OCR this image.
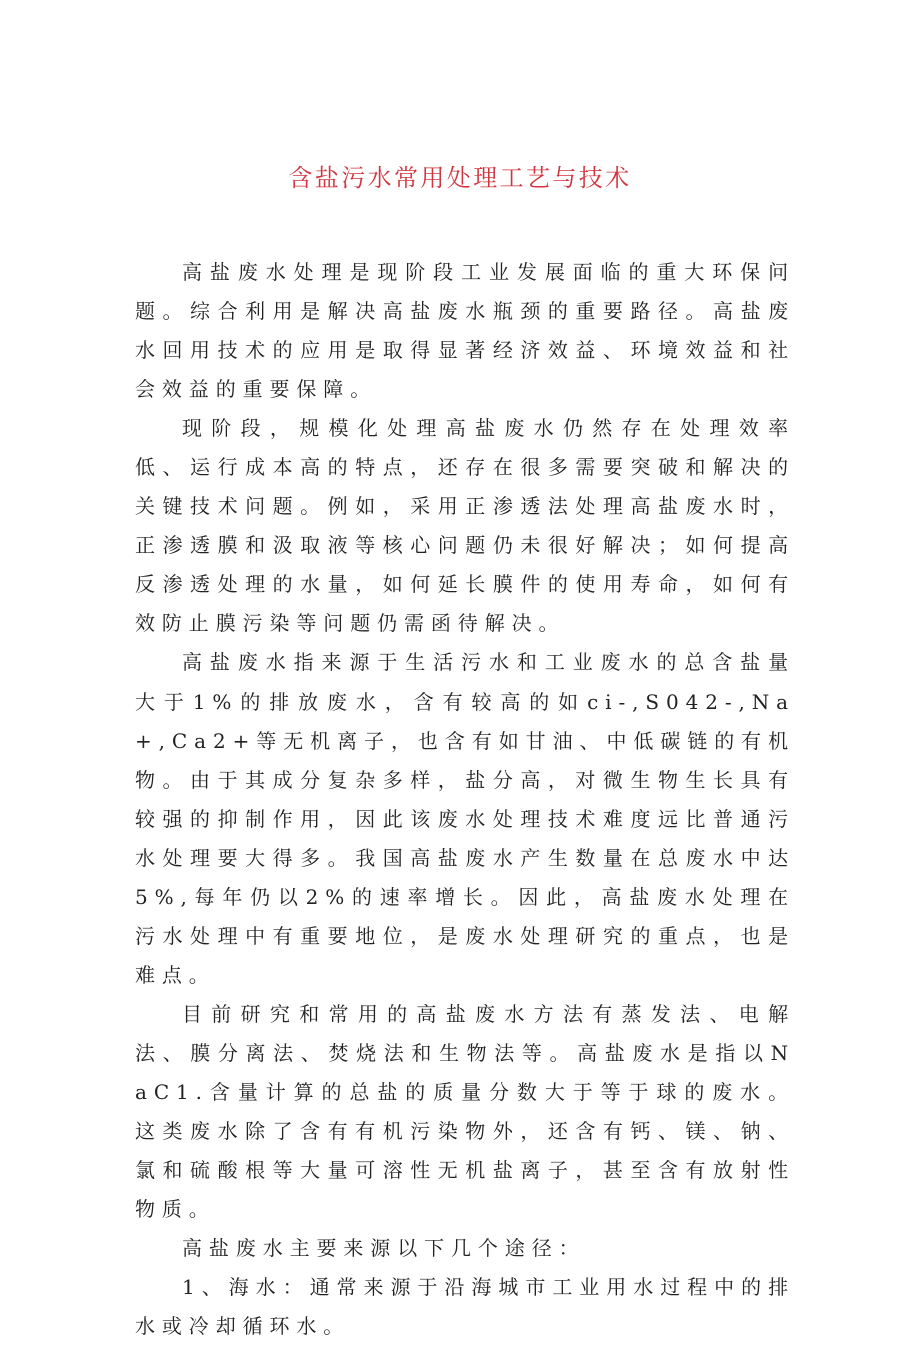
含盐污水常用处理工艺与技术

高盐废水处理是现阶段工业发展面临的重大环保问题。综合利用是解决高盐废水瓶颈的重要路径。高盐废水回用技术的应用是取得显著经济效益、环境效益和社会效益的重要保障。

现阶段，规模化处理高盐废水仍然存在处理效率低、运行成本高的特点，还存在很多需要突破和解决的关键技术问题。例如，采用正渗透法处理高盐废水时，正渗透膜和汲取液等核心问题仍未很好解决；如何提高反渗透处理的水量，如何延长膜件的使用寿命，如何有效防止膜污染等问题仍需函待解决。

高盐废水指来源于生活污水和工业废水的总含盐量大于1%的排放废水，含有较高的如ci-,S042-,Na+,Ca2+等无机离子，也含有如甘油、中低碳链的有机物。由于其成分复杂多样，盐分高，对微生物生长具有较强的抑制作用，因此该废水处理技术难度远比普通污水处理要大得多。我国高盐废水产生数量在总废水中达5%,每年仍以2%的速率增长。因此，高盐废水处理在污水处理中有重要地位，是废水处理研究的重点，也是难点。

目前研究和常用的高盐废水方法有蒸发法、电解法、膜分离法、焚烧法和生物法等。高盐废水是指以NaC1.含量计算的总盐的质量分数大于等于球的废水。这类废水除了含有有机污染物外，还含有钙、镁、钠、氯和硫酸根等大量可溶性无机盐离子，甚至含有放射性物质。

高盐废水主要来源以下几个途径：

1、海水：通常来源于沿海城市工业用水过程中的排水或冷却循环水。
